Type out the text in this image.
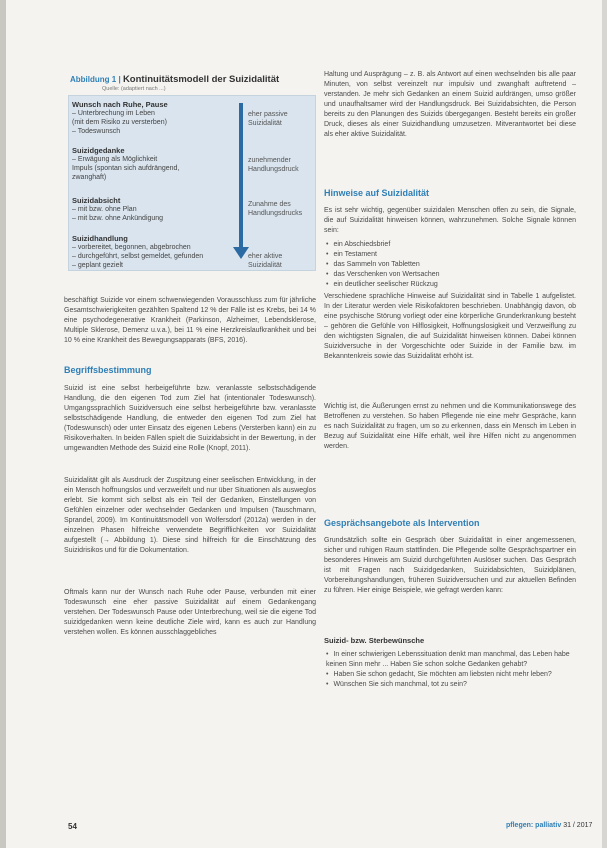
Abbildung 1 | Kontinuitätsmodell der Suizidalität
Quelle: (adaptiert nach ...)
Wunsch nach Ruhe, Pause
– Unterbrechung im Leben
(mit dem Risiko zu versterben)
– Todeswunsch
Suizidgedanke
– Erwägung als Möglichkeit
Impuls (spontan sich aufdrängend,
zwanghaft)
Suizidabsicht
– mit bzw. ohne Plan
– mit bzw. ohne Ankündigung
Suizidhandlung
– vorbereitet, begonnen, abgebrochen
– durchgeführt, selbst gemeldet, gefunden
– geplant gezielt
eher passive Suizidalität
zunehmender Handlungsdruck
Zunahme des Handlungsdrucks
eher aktive Suizidalität

beschäftigt Suizide vor einem schwerwiegenden Vorausschluss zum für jährliche Gesamtschwierigkeiten gezählten Spaltend 12 % der Fälle ist es Krebs, bei 14 % eine psychodegenerative Krankheit (Parkinson, Alzheimer, Lebendsklerose, Multiple Sklerose, Demenz u.v.a.), bei 11 % eine Herzkreislaufkrankheit und bei 10 % eine Krankheit des Bewegungsapparats (BFS, 2016).

Begriffsbestimmung

Suizid ist eine selbst herbeigeführte bzw. veranlasste selbstschädigende Handlung, die den eigenen Tod zum Ziel hat (intentionaler Todeswunsch). Umgangssprachlich Suizidversuch eine selbst herbeigeführte bzw. veranlasste selbstschädigende Handlung, die entweder den eigenen Tod zum Ziel hat (Todeswunsch) oder unter Einsatz des eigenen Lebens (Versterben kann) ein zu Risikoverhalten. In beiden Fällen spielt die Suizidabsicht in der Bewertung, in der umgewandten Methode des Suizid eine Rolle (Knopf, 2011).

Suizidalität gilt als Ausdruck der Zuspitzung einer seelischen Entwicklung, in der ein Mensch hoffnungslos und verzweifelt und nur über Situationen als ausweglos erlebt. Sie kommt sich selbst als ein Teil der Gedanken, Einstellungen von Gefühlen einzelner oder wechselnder Gedanken und Impulsen (Tauschmann, Sprandel, 2009). Im Kontinuitätsmodell von Wolfersdorf (2012a) werden in der einzelnen Phasen hilfreiche verwendete Begrifflichkeiten vor Suizidalität aufgestellt (→ Abbildung 1). Diese sind hilfreich für die Einschätzung des Suizidrisikos und für die Dokumentation.

Oftmals kann nur der Wunsch nach Ruhe oder Pause, verbunden mit einer Todeswunsch eine eher passive Suizidalität auf einem Gedankengang verstehen. Der Todeswunsch Pause oder Unterbrechung, weil sie die eigene Tod suizidgedanken wenn keine deutliche Ziele wird, kann es auch zur Handlung verstehen wollen. Es können ausschlaggebliches

Haltung und Ausprägung – z. B. als Antwort auf einen wechselnden bis alle paar Minuten, von selbst vereinzelt nur impulsiv und zwanghaft auftretend – verstanden. Je mehr sich Gedanken an einem Suizid aufdrängen, umso größer und unaufhaltsamer wird der Handlungsdruck. Bei Suizidabsichten, die Person bereits zu den Planungen des Suizids übergegangen. Besteht bereits ein großer Druck, dieses als einer Suizidhandlung umzusetzen. Mitverantwortet bei diese als eher aktive Suizidalität.

Hinweise auf Suizidalität

Es ist sehr wichtig, gegenüber suizidalen Menschen offen zu sein, die Signale, die auf Suizidalität hinweisen können, wahrzunehmen. Solche Signale können sein:

• ein Abschiedsbrief
• ein Testament
• das Sammeln von Tabletten
• das Verschenken von Wertsachen
• ein deutlicher seelischer Rückzug

Verschiedene sprachliche Hinweise auf Suizidalität sind in Tabelle 1 aufgelistet. In der Literatur werden viele Risikofaktoren beschrieben. Unabhängig davon, ob eine psychische Störung vorliegt oder eine körperliche Grunderkrankung besteht – gehören die Gefühle von Hilflosigkeit, Hoffnungslosigkeit und Verzweiflung zu den wichtigsten Signalen, die auf Suizidalität hinweisen können. Dabei können Suizidversuche in der Vorgeschichte oder Suizide in der Familie bzw. im Bekanntenkreis sowie das Suizidalität erhöht ist.

Wichtig ist, die Äußerungen ernst zu nehmen und die Kommunikationswege des Betroffenen zu verstehen. So haben Pflegende nie eine mehr Gespräche, kann es nach Suizidalität zu fragen, um so zu erkennen, dass ein Mensch im Leben in Bezug auf Suizidalität eine Hilfe erhält, weil ihre Hilfen nicht zu angenommen werden.

Gesprächsangebote als Intervention

Grundsätzlich sollte ein Gespräch über Suizidalität in einer angemessenen, sicher und ruhigen Raum stattfinden. Die Pflegende sollte Gesprächspartner ein besonderes Hinweis am Suizid durchgeführten Auslöser suchen. Das Gespräch ist mit Fragen nach Suizidgedanken, Suizidabsichten, Suizidplänen, Vorbereitungshandlungen, früheren Suizidversuchen und zur aktuellen Befinden zu führen. Hier einige Beispiele, wie gefragt werden kann:

Suizid- bzw. Sterbewünsche
• In einer schwierigen Lebenssituation denkt man manchmal, das Leben habe keinen Sinn mehr ... Haben Sie schon solche Gedanken gehabt?
• Haben Sie schon gedacht, Sie möchten am liebsten nicht mehr leben?
• Wünschen Sie sich manchmal, tot zu sein?
54	pflegen: palliativ 31 / 2017
